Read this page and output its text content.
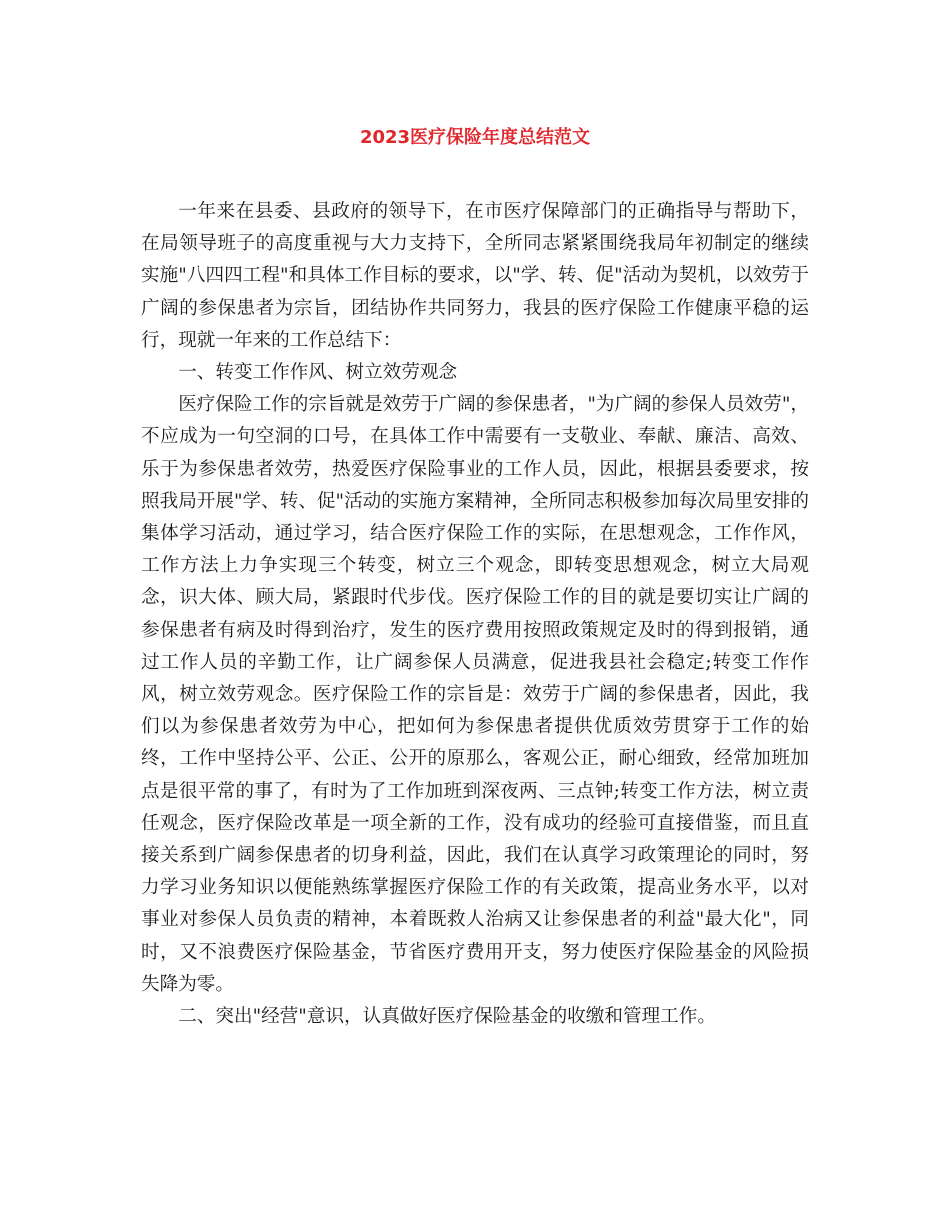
2023医疗保险年度总结范文

一年来在县委、县政府的领导下，在市医疗保障部门的正确指导与帮助下，在局领导班子的高度重视与大力支持下，全所同志紧紧围绕我局年初制定的继续实施"八四四工程"和具体工作目标的要求，以"学、转、促"活动为契机，以效劳于广阔的参保患者为宗旨，团结协作共同努力，我县的医疗保险工作健康平稳的运行，现就一年来的工作总结下：

一、转变工作作风、树立效劳观念

医疗保险工作的宗旨就是效劳于广阔的参保患者，"为广阔的参保人员效劳"，不应成为一句空洞的口号，在具体工作中需要有一支敬业、奉献、廉洁、高效、乐于为参保患者效劳，热爱医疗保险事业的工作人员，因此，根据县委要求，按照我局开展"学、转、促"活动的实施方案精神，全所同志积极参加每次局里安排的集体学习活动，通过学习，结合医疗保险工作的实际，在思想观念，工作作风，工作方法上力争实现三个转变，树立三个观念，即转变思想观念，树立大局观念，识大体、顾大局，紧跟时代步伐。医疗保险工作的目的就是要切实让广阔的参保患者有病及时得到治疗，发生的医疗费用按照政策规定及时的得到报销，通过工作人员的辛勤工作，让广阔参保人员满意，促进我县社会稳定;转变工作作风，树立效劳观念。医疗保险工作的宗旨是：效劳于广阔的参保患者，因此，我们以为参保患者效劳为中心，把如何为参保患者提供优质效劳贯穿于工作的始终，工作中坚持公平、公正、公开的原那么，客观公正，耐心细致，经常加班加点是很平常的事了，有时为了工作加班到深夜两、三点钟;转变工作方法，树立责任观念，医疗保险改革是一项全新的工作，没有成功的经验可直接借鉴，而且直接关系到广阔参保患者的切身利益，因此，我们在认真学习政策理论的同时，努力学习业务知识以便能熟练掌握医疗保险工作的有关政策，提高业务水平，以对事业对参保人员负责的精神，本着既救人治病又让参保患者的利益"最大化"，同时，又不浪费医疗保险基金，节省医疗费用开支，努力使医疗保险基金的风险损失降为零。

二、突出"经营"意识，认真做好医疗保险基金的收缴和管理工作。
